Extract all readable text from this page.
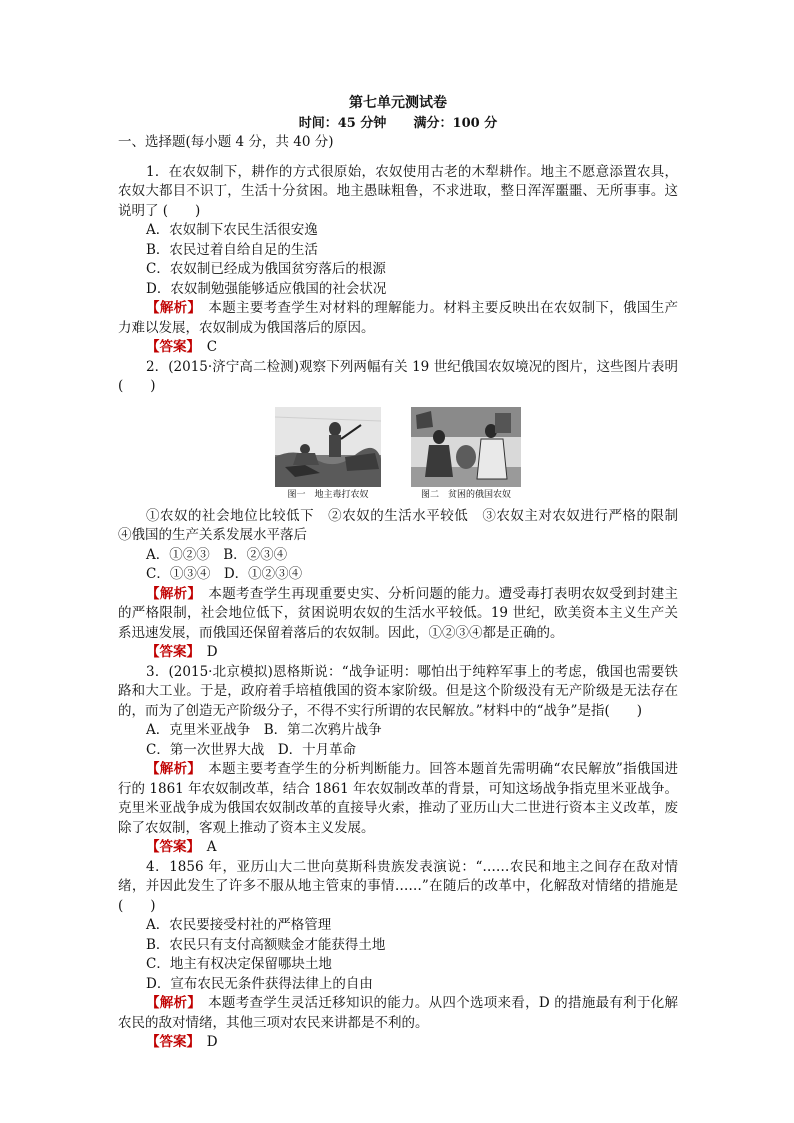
第七单元测试卷

时间：45 分钟 满分：100 分

一、选择题(每小题 4 分，共 40 分)

1．在农奴制下，耕作的方式很原始，农奴使用古老的木犁耕作。地主不愿意添置农具，农奴大都目不识丁，生活十分贫困。地主愚昧粗鲁，不求进取，整日浑浑噩噩、无所事事。这说明了 (　　)

A．农奴制下农民生活很安逸

B．农民过着自给自足的生活

C．农奴制已经成为俄国贫穷落后的根源

D．农奴制勉强能够适应俄国的社会状况

【解析】　 本题主要考查学生对材料的理解能力。材料主要反映出在农奴制下，俄国生产力难以发展，农奴制成为俄国落后的原因。

【答案】　 C

2．(2015·济宁高二检测)观察下列两幅有关 19 世纪俄国农奴境况的图片，这些图片表明 (　　)

图一　地主毒打农奴	图二　贫困的俄国农奴

①农奴的社会地位比较低下　②农奴的生活水平较低　③农奴主对农奴进行严格的限制　④俄国的生产关系发展水平落后

A．①②③　B．②③④

C．①③④　D．①②③④

【解析】　 本题考查学生再现重要史实、分析问题的能力。遭受毒打表明农奴受到封建主的严格限制，社会地位低下，贫困说明农奴的生活水平较低。19 世纪，欧美资本主义生产关系迅速发展，而俄国还保留着落后的农奴制。因此，①②③④都是正确的。

【答案】　 D

3．(2015·北京模拟)恩格斯说：“战争证明：哪怕出于纯粹军事上的考虑，俄国也需要铁路和大工业。于是，政府着手培植俄国的资本家阶级。但是这个阶级没有无产阶级是无法存在的，而为了创造无产阶级分子，不得不实行所谓的农民解放。”材料中的“战争”是指(　　)

A．克里米亚战争　B．第二次鸦片战争

C．第一次世界大战　D．十月革命

【解析】　 本题主要考查学生的分析判断能力。回答本题首先需明确“农民解放”指俄国进行的 1861 年农奴制改革，结合 1861 年农奴制改革的背景，可知这场战争指克里米亚战争。克里米亚战争成为俄国农奴制改革的直接导火索，推动了亚历山大二世进行资本主义改革，废除了农奴制，客观上推动了资本主义发展。

【答案】　 A

4．1856 年，亚历山大二世向莫斯科贵族发表演说：“……农民和地主之间存在敌对情绪，并因此发生了许多不服从地主管束的事情……”在随后的改革中，化解敌对情绪的措施是(　　)

A．农民要接受村社的严格管理

B．农民只有支付高额赎金才能获得土地

C．地主有权决定保留哪块土地

D．宣布农民无条件获得法律上的自由

【解析】　 本题考查学生灵活迁移知识的能力。从四个选项来看，D 的措施最有利于化解农民的敌对情绪，其他三项对农民来讲都是不利的。

【答案】　 D
